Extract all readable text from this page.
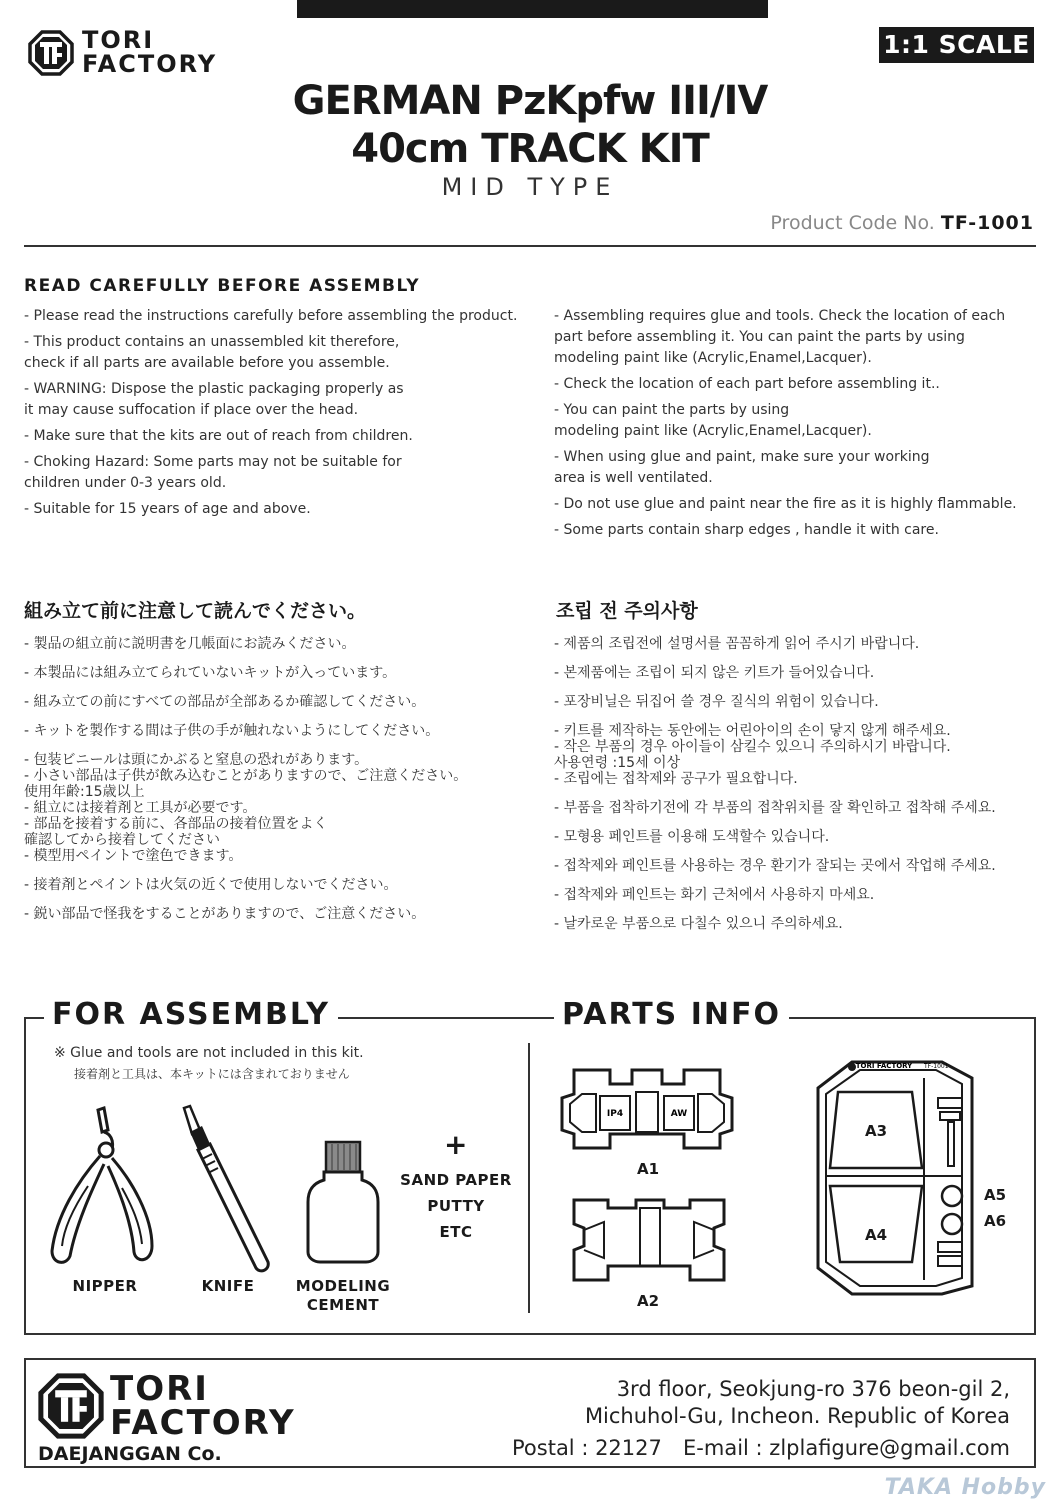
TORI
FACTORY
1:1 SCALE
GERMAN PzKpfw III/IV
40cm TRACK KIT
MID TYPE
Product Code No. TF-1001
READ CAREFULLY BEFORE ASSEMBLY
- Please read the instructions carefully before assembling the product.
- This product contains an unassembled kit therefore,
check if all parts are available before you assemble.
- WARNING: Dispose the plastic packaging properly as
it may cause suffocation if place over the head.
- Make sure that the kits are out of reach from children.
- Choking Hazard: Some parts may not be suitable for
children under 0-3 years old.
- Suitable for 15 years of age and above.
- Assembling requires glue and tools. Check the location of each
part before assembling it. You can paint the parts by using
modeling paint like (Acrylic,Enamel,Lacquer).
- Check the location of each part before assembling it..
- You can paint the parts by using
modeling paint like (Acrylic,Enamel,Lacquer).
- When using glue and paint, make sure your working
area is well ventilated.
- Do not use glue and paint near the fire as it is highly flammable.
- Some parts contain sharp edges , handle it with care.
組み立て前に注意して読んでください。
- 製品の組立前に説明書を几帳面にお読みください。
- 本製品には組み立てられていないキットが入っています。
- 組み立ての前にすべての部品が全部あるか確認してください。
- キットを製作する間は子供の手が触れないようにしてください。
- 包装ビニールは頭にかぶると窒息の恐れがあります。
- 小さい部品は子供が飲み込むことがありますので、ご注意ください。
使用年齢:15歳以上
- 組立には接着剤と工具が必要です。
- 部品を接着する前に、各部品の接着位置をよく
確認してから接着してください
- 模型用ペイントで塗色できます。
- 接着剤とペイントは火気の近くで使用しないでください。
- 鋭い部品で怪我をすることがありますので、ご注意ください。
조립 전 주의사항
- 제품의 조립전에 설명서를 꼼꼼하게 읽어 주시기 바랍니다.
- 본제품에는 조립이 되지 않은 키트가 들어있습니다.
- 포장비닐은 뒤집어 쓸 경우 질식의 위험이 있습니다.
- 키트를 제작하는 동안에는 어린아이의 손이 닿지 않게 해주세요.
- 작은 부품의 경우 아이들이 삼킬수 있으니 주의하시기 바랍니다.
사용연령 :15세 이상
- 조립에는 접착제와 공구가 필요합니다.
- 부품을 접착하기전에 각 부품의 접착위치를 잘 확인하고 접착해 주세요.
- 모형용 페인트를 이용해 도색할수 있습니다.
- 접착제와 페인트를 사용하는 경우 환기가 잘되는 곳에서 작업해 주세요.
- 접착제와 페인트는 화기 근처에서 사용하지 마세요.
- 날카로운 부품으로 다칠수 있으니 주의하세요.
FOR ASSEMBLY	PARTS INFO
※ Glue and tools are not included in this kit.
接着剤と工具は、本キットには含まれておりません
NIPPER	KNIFE	MODELING
CEMENT
+
SAND PAPER
PUTTY
ETC
IP4	AW
A1
A2
TORI FACTORY TF-1001
A3
A4
A5
A6
TORI
FACTORY
DAEJANGGAN Co.
3rd floor, Seokjung-ro 376 beon-gil 2,
Michuhol-Gu, Incheon. Republic of Korea
Postal : 22127 E-mail : zlplafigure@gmail.com
TAKA Hobby
